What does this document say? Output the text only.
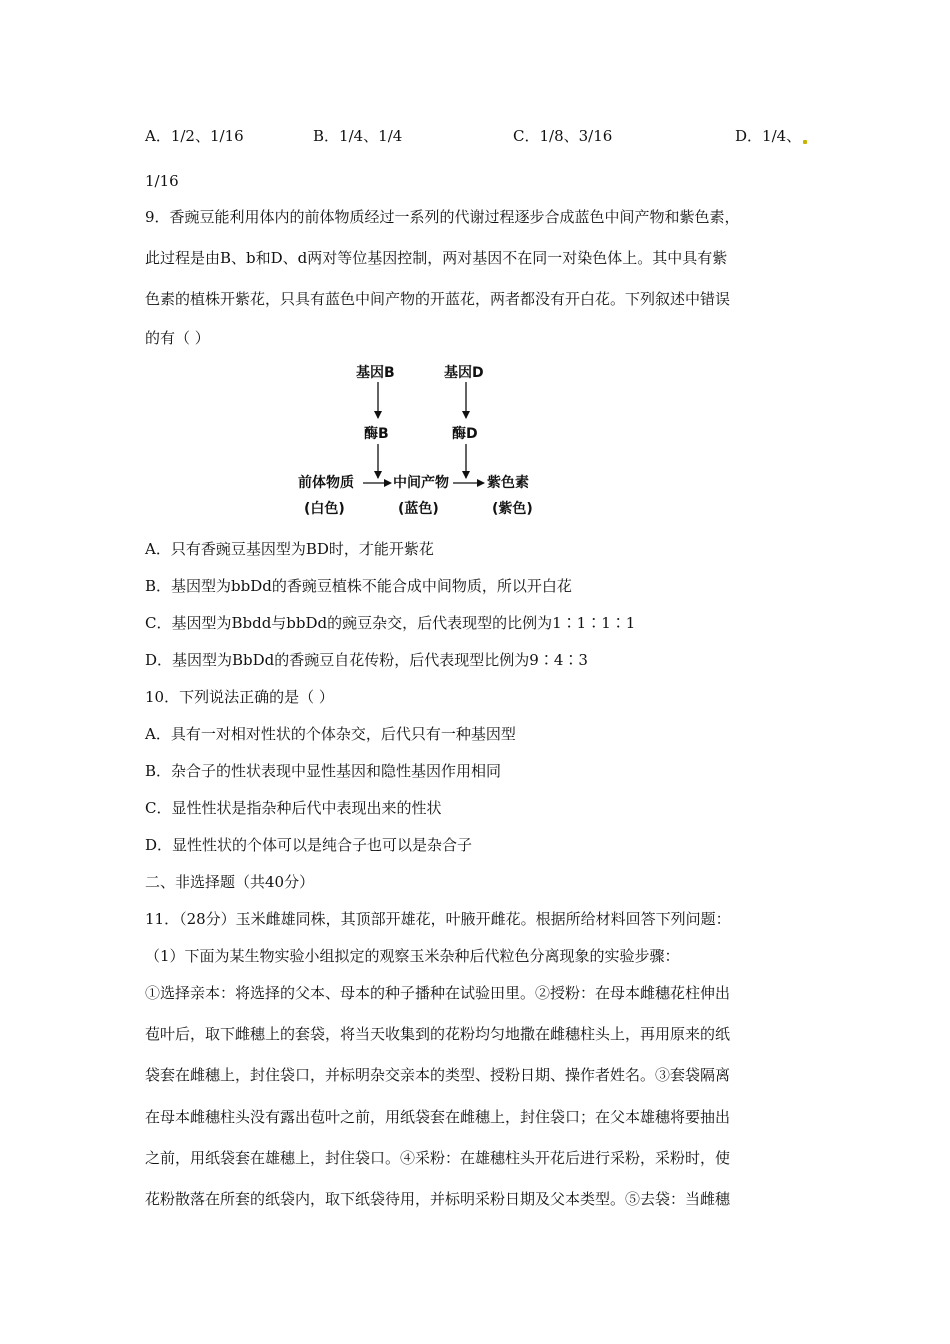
A．1/2、1/16	B．1/4、1/4	C．1/8、3/16	D．1/4、
1/16
9．香豌豆能利用体内的前体物质经过一系列的代谢过程逐步合成蓝色中间产物和紫色素，
此过程是由B、b和D、d两对等位基因控制，两对基因不在同一对染色体上。其中具有紫
色素的植株开紫花，只具有蓝色中间产物的开蓝花，两者都没有开白花。下列叙述中错误
的有（ ）
基因B	基因D
酶B	酶D
前体物质	中间产物	紫色素
(白色)	(蓝色)	(紫色)
A．只有香豌豆基因型为BD时，才能开紫花
B．基因型为bbDd的香豌豆植株不能合成中间物质，所以开白花
C．基因型为Bbdd与bbDd的豌豆杂交，后代表现型的比例为1∶1∶1∶1
D．基因型为BbDd的香豌豆自花传粉，后代表现型比例为9∶4∶3
10．下列说法正确的是（ ）
A．具有一对相对性状的个体杂交，后代只有一种基因型
B．杂合子的性状表现中显性基因和隐性基因作用相同
C．显性性状是指杂种后代中表现出来的性状
D．显性性状的个体可以是纯合子也可以是杂合子
二、非选择题（共40分）
11．（28分）玉米雌雄同株，其顶部开雄花，叶腋开雌花。根据所给材料回答下列问题：
（1）下面为某生物实验小组拟定的观察玉米杂种后代粒色分离现象的实验步骤：
①选择亲本：将选择的父本、母本的种子播种在试验田里。②授粉：在母本雌穗花柱伸出
苞叶后，取下雌穗上的套袋，将当天收集到的花粉均匀地撒在雌穗柱头上，再用原来的纸
袋套在雌穗上，封住袋口，并标明杂交亲本的类型、授粉日期、操作者姓名。③套袋隔离
在母本雌穗柱头没有露出苞叶之前，用纸袋套在雌穗上，封住袋口；在父本雄穗将要抽出
之前，用纸袋套在雄穗上，封住袋口。④采粉：在雄穗柱头开花后进行采粉，采粉时，使
花粉散落在所套的纸袋内，取下纸袋待用，并标明采粉日期及父本类型。⑤去袋：当雌穗
